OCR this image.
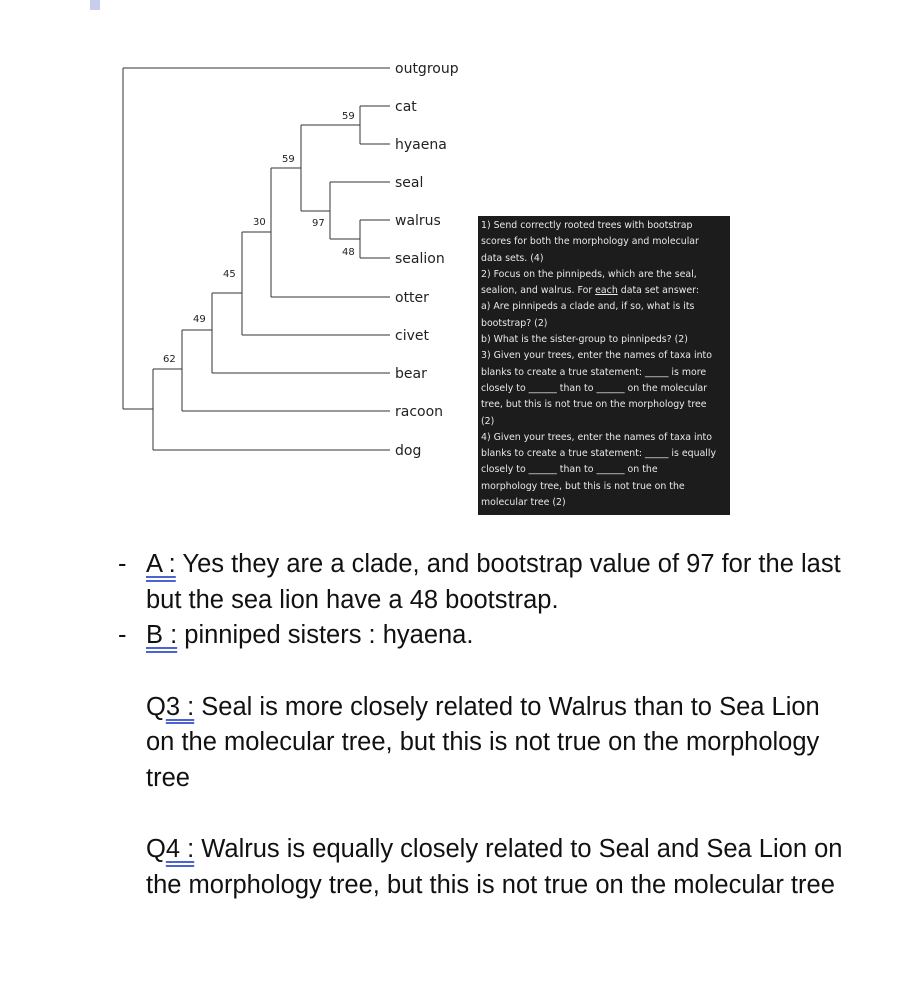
outgroup
cat
hyaena
seal
walrus
sealion
otter
civet
bear
racoon
dog
59
59
97
48
30
45
49
62

1) Send correctly rooted trees with bootstrap

scores for both the morphology and molecular

data sets. (4)

2) Focus on the pinnipeds, which are the seal,

sealion, and walrus. For each data set answer:

a) Are pinnipeds a clade and, if so, what is its

bootstrap? (2)

b) What is the sister-group to pinnipeds? (2)

3) Given your trees, enter the names of taxa into

blanks to create a true statement: _____ is more

closely to ______ than to ______ on the molecular

tree, but this is not true on the morphology tree

(2)

4) Given your trees, enter the names of taxa into

blanks to create a true statement: _____ is equally

closely to ______ than to ______ on the

morphology tree, but this is not true on the

molecular tree (2)

- A : Yes they are a clade, and bootstrap value of 97 for the last but the sea lion have a 48 bootstrap.

- B : pinniped sisters : hyaena.

Q3 : Seal is more closely related to Walrus than to Sea Lion on the molecular tree, but this is not true on the morphology tree

Q4 : Walrus is equally closely related to Seal and Sea Lion on the morphology tree, but this is not true on the molecular tree
